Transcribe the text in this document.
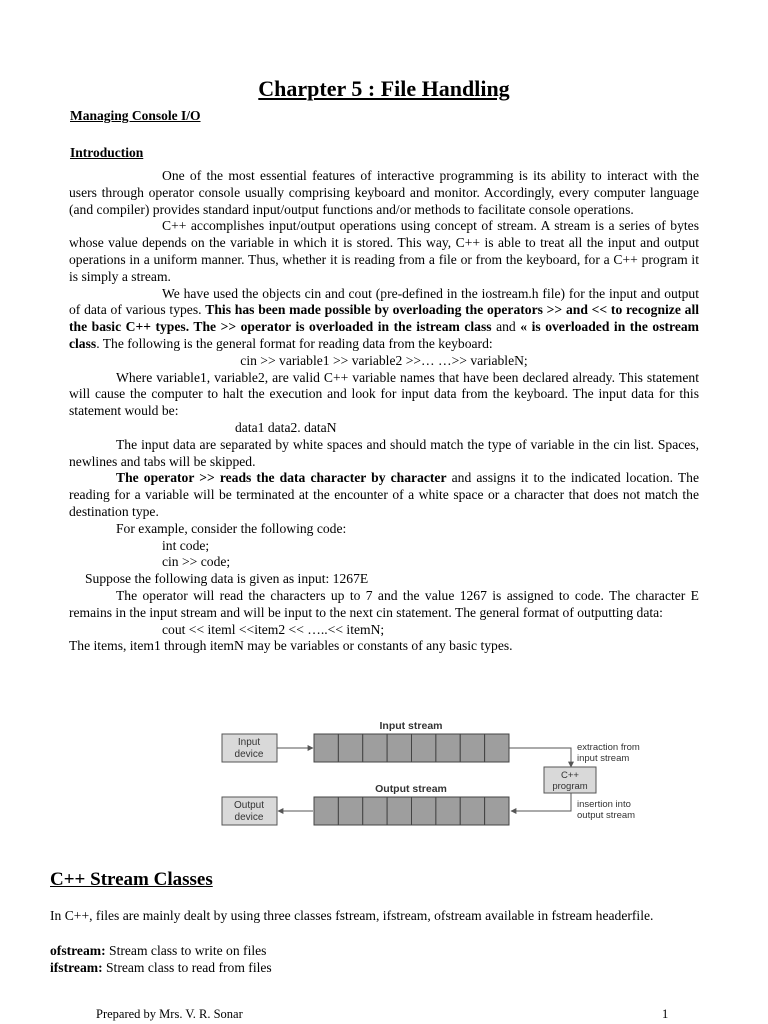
Charpter 5 : File Handling
Managing Console I/O
Introduction

One of the most essential features of interactive programming is its ability to interact with the users through operator console usually comprising keyboard and monitor. Accordingly, every computer language (and compiler) provides standard input/output functions and/or methods to facilitate console operations.

C++ accomplishes input/output operations using concept of stream. A stream is a series of bytes whose value depends on the variable in which it is stored. This way, C++ is able to treat all the input and output operations in a uniform manner. Thus, whether it is reading from a file or from the keyboard, for a C++ program it is simply a stream.

We have used the objects cin and cout (pre-defined in the iostream.h file) for the input and output of data of various types. This has been made possible by overloading the operators >> and << to recognize all the basic C++ types. The >> operator is overloaded in the istream class and « is overloaded in the ostream class. The following is the general format for reading data from the keyboard:

cin >> variable1 >> variable2 >>… …>> variableN;

Where variable1, variable2, are valid C++ variable names that have been declared already. This statement will cause the computer to halt the execution and look for input data from the keyboard. The input data for this statement would be:

data1 data2. dataN

The input data are separated by white spaces and should match the type of variable in the cin list. Spaces, newlines and tabs will be skipped.

The operator >> reads the data character by character and assigns it to the indicated location. The reading for a variable will be terminated at the encounter of a white space or a character that does not match the destination type.

For example, consider the following code:

int code;

cin >> code;

Suppose the following data is given as input: 1267E

The operator will read the characters up to 7 and the value 1267 is assigned to code. The character E remains in the input stream and will be input to the next cin statement. The general format of outputting data:

cout << iteml <<item2 << …..<< itemN;

The items, item1 through itemN may be variables or constants of any basic types.

Input stream
Input
device
extraction from
input stream
C++
program
insertion into
output stream
Output stream
Output
device
C++ Stream Classes
In C++, files are mainly dealt by using three classes fstream, ifstream, ofstream available in fstream headerfile.

ofstream: Stream class to write on files

ifstream: Stream class to read from files

Prepared by Mrs. V. R. Sonar	1
